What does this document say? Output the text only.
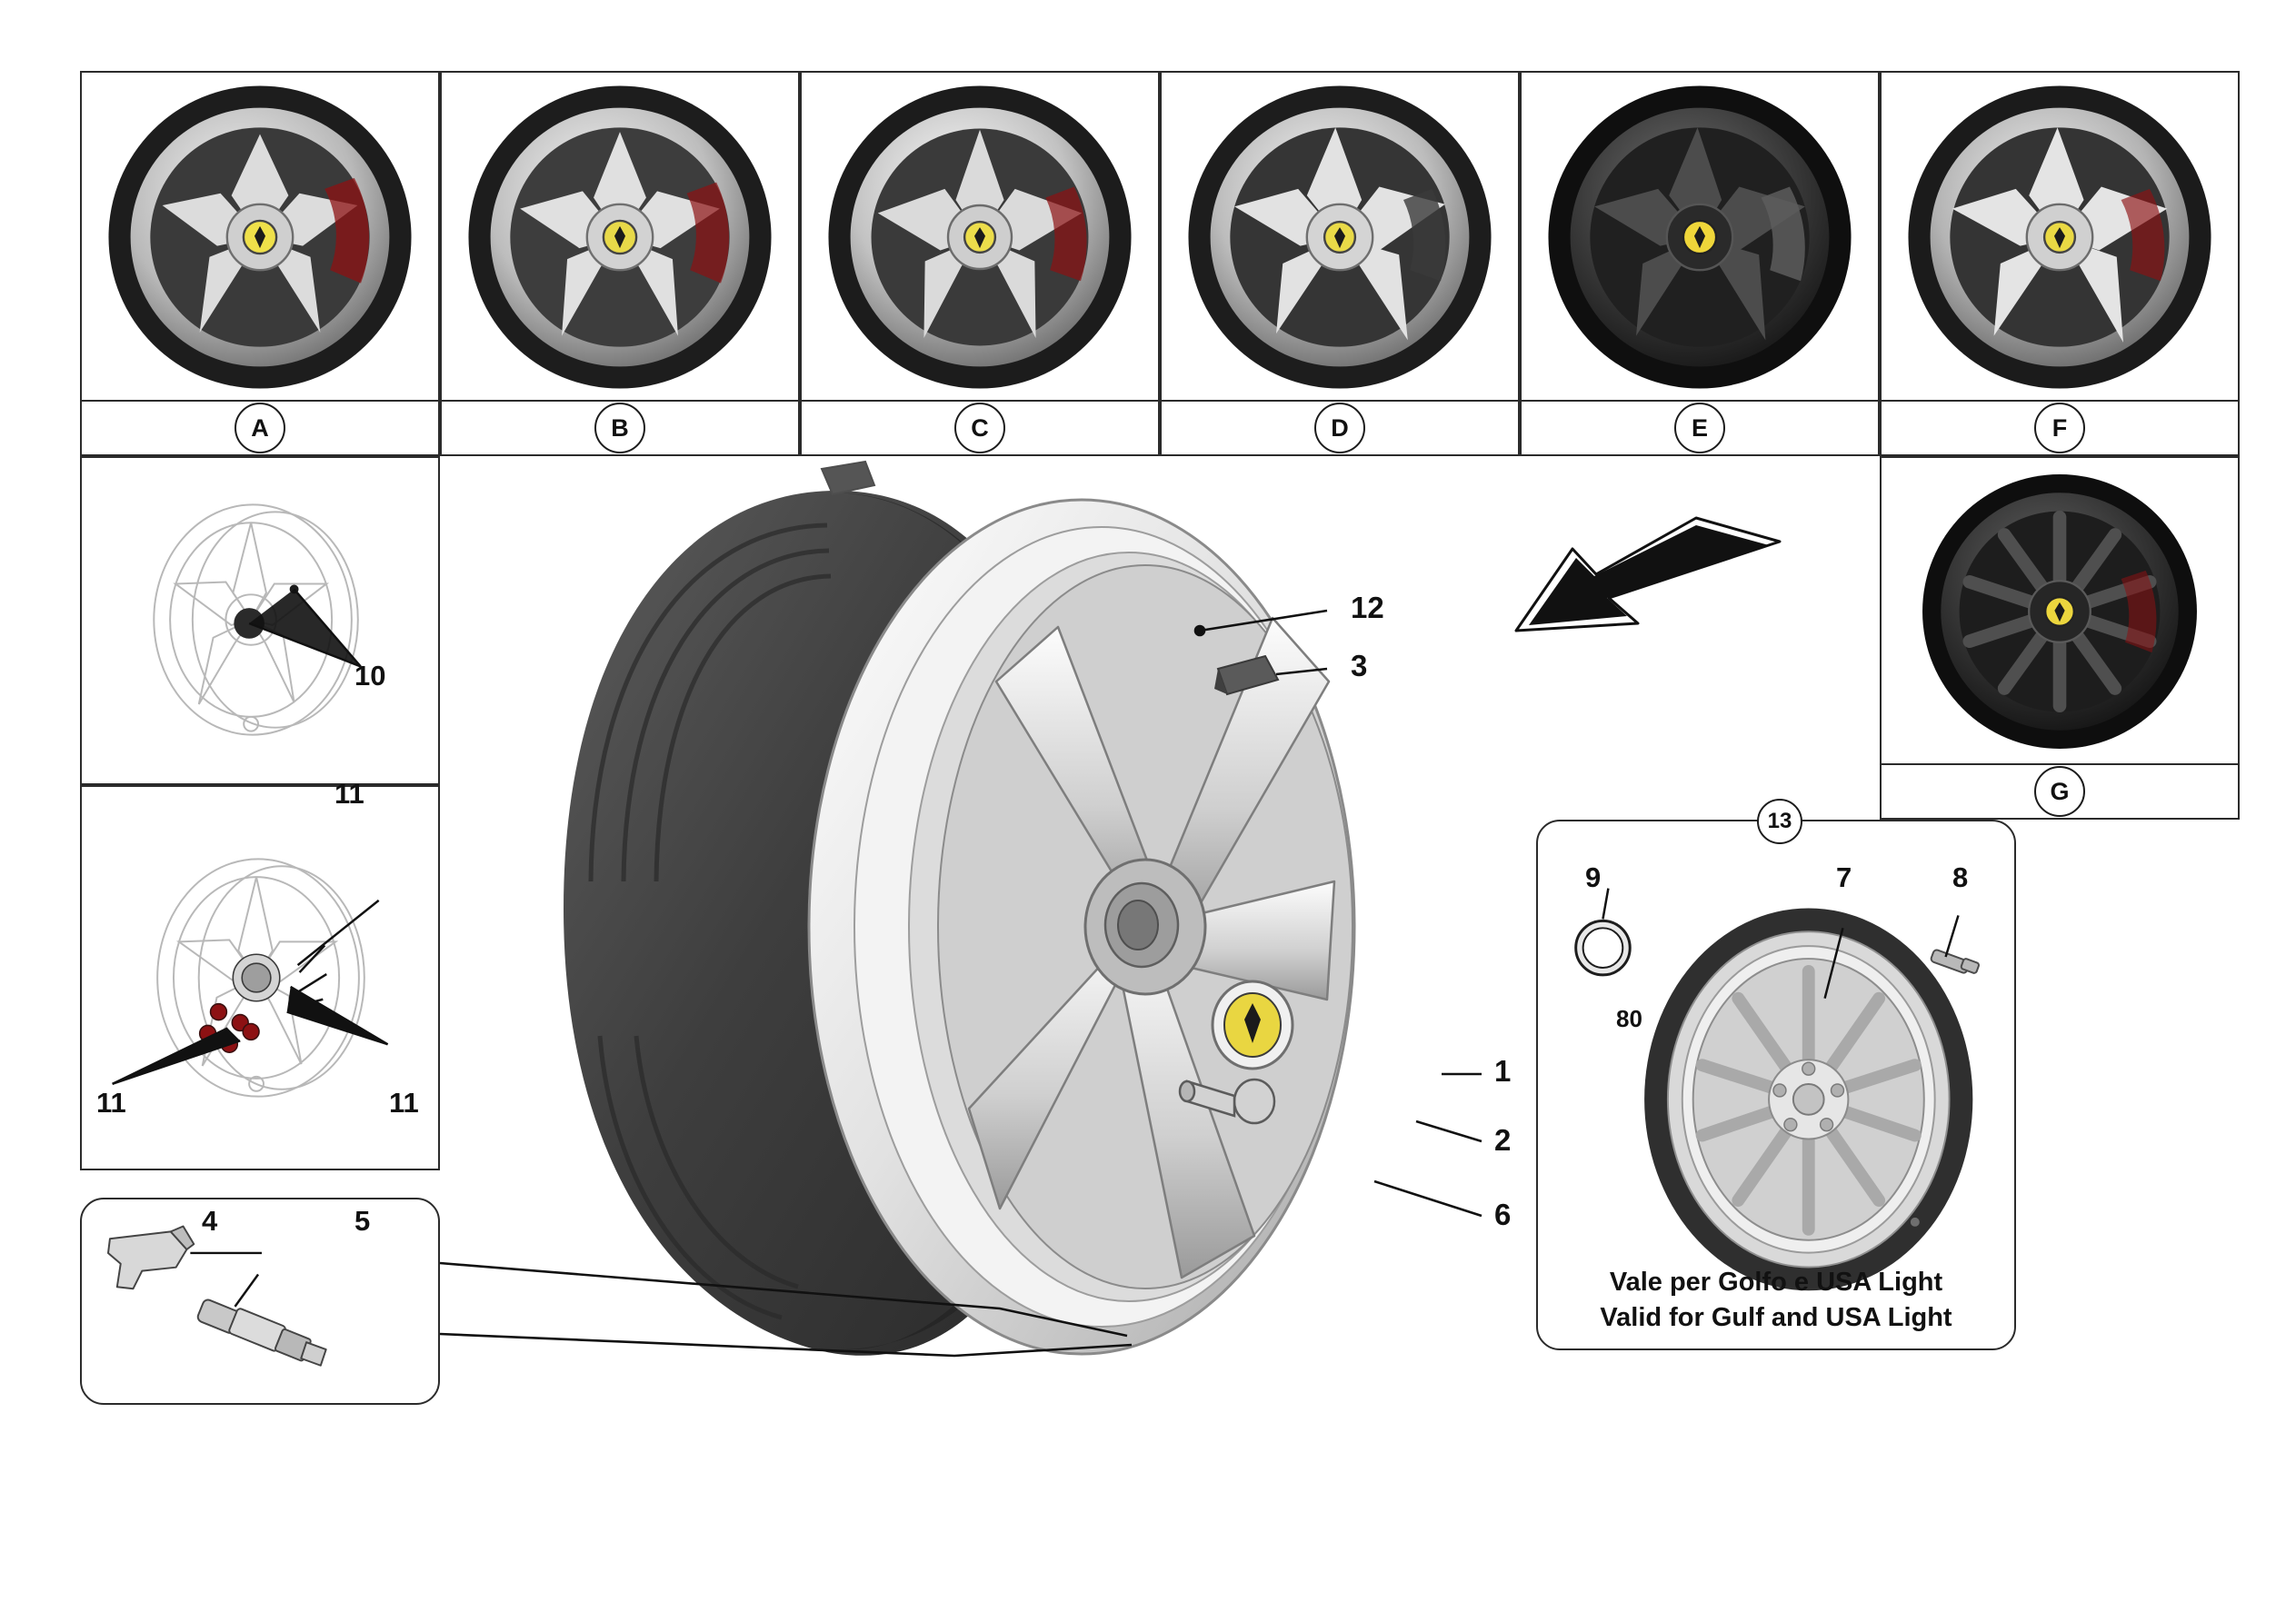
A	B	C	D	E	F
G
10
11
11	11
4	5
13
9	7	8
80
Vale per Golfo e USA Light
Valid for Gulf and USA Light
12
3
1
2
6
